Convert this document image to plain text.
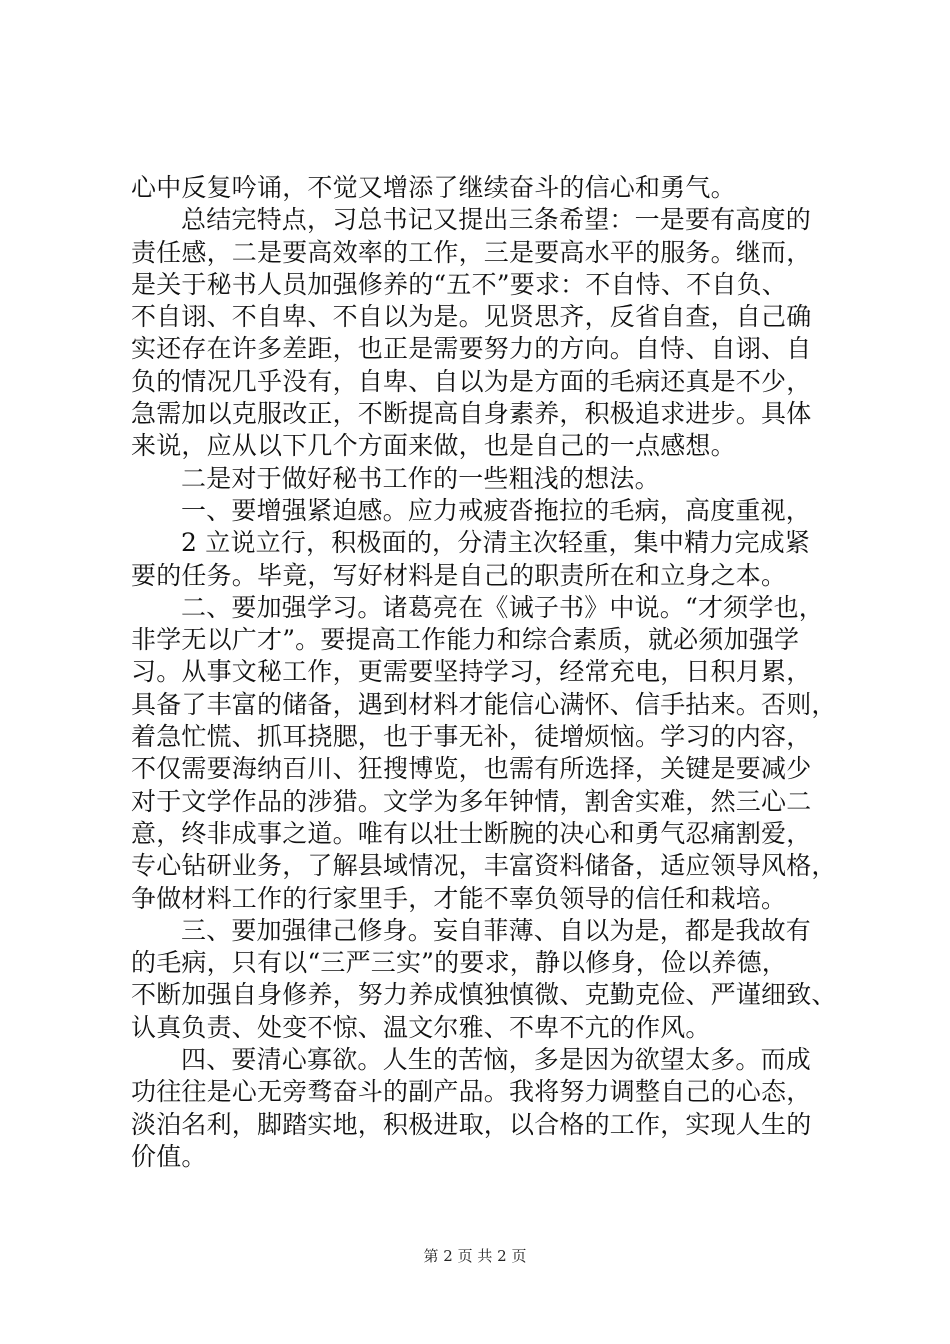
心中反复吟诵，不觉又增添了继续奋斗的信心和勇气。
总结完特点，习总书记又提出三条希望：一是要有高度的
责任感，二是要高效率的工作，三是要高水平的服务。继而，
是关于秘书人员加强修养的“五不”要求：不自恃、不自负、
不自诩、不自卑、不自以为是。见贤思齐，反省自查，自己确
实还存在许多差距，也正是需要努力的方向。自恃、自诩、自
负的情况几乎没有，自卑、自以为是方面的毛病还真是不少，
急需加以克服改正，不断提高自身素养，积极追求进步。具体
来说，应从以下几个方面来做，也是自己的一点感想。
二是对于做好秘书工作的一些粗浅的想法。
一、要增强紧迫感。应力戒疲沓拖拉的毛病，高度重视，
2 立说立行，积极面的，分清主次轻重，集中精力完成紧
要的任务。毕竟，写好材料是自己的职责所在和立身之本。
二、要加强学习。诸葛亮在《诫子书》中说。“才须学也，
非学无以广才”。要提高工作能力和综合素质，就必须加强学
习。从事文秘工作，更需要坚持学习，经常充电，日积月累，
具备了丰富的储备，遇到材料才能信心满怀、信手拈来。否则，
着急忙慌、抓耳挠腮，也于事无补，徒增烦恼。学习的内容，
不仅需要海纳百川、狂搜博览，也需有所选择，关键是要减少
对于文学作品的涉猎。文学为多年钟情，割舍实难，然三心二
意，终非成事之道。唯有以壮士断腕的决心和勇气忍痛割爱，
专心钻研业务，了解县域情况，丰富资料储备，适应领导风格，
争做材料工作的行家里手，才能不辜负领导的信任和栽培。
三、要加强律己修身。妄自菲薄、自以为是，都是我故有
的毛病，只有以“三严三实”的要求，静以修身，俭以养德，
不断加强自身修养，努力养成慎独慎微、克勤克俭、严谨细致、
认真负责、处变不惊、温文尔雅、不卑不亢的作风。
四、要清心寡欲。人生的苦恼，多是因为欲望太多。而成
功往往是心无旁骛奋斗的副产品。我将努力调整自己的心态，
淡泊名利，脚踏实地，积极进取，以合格的工作，实现人生的
价值。
第 2 页 共 2 页
